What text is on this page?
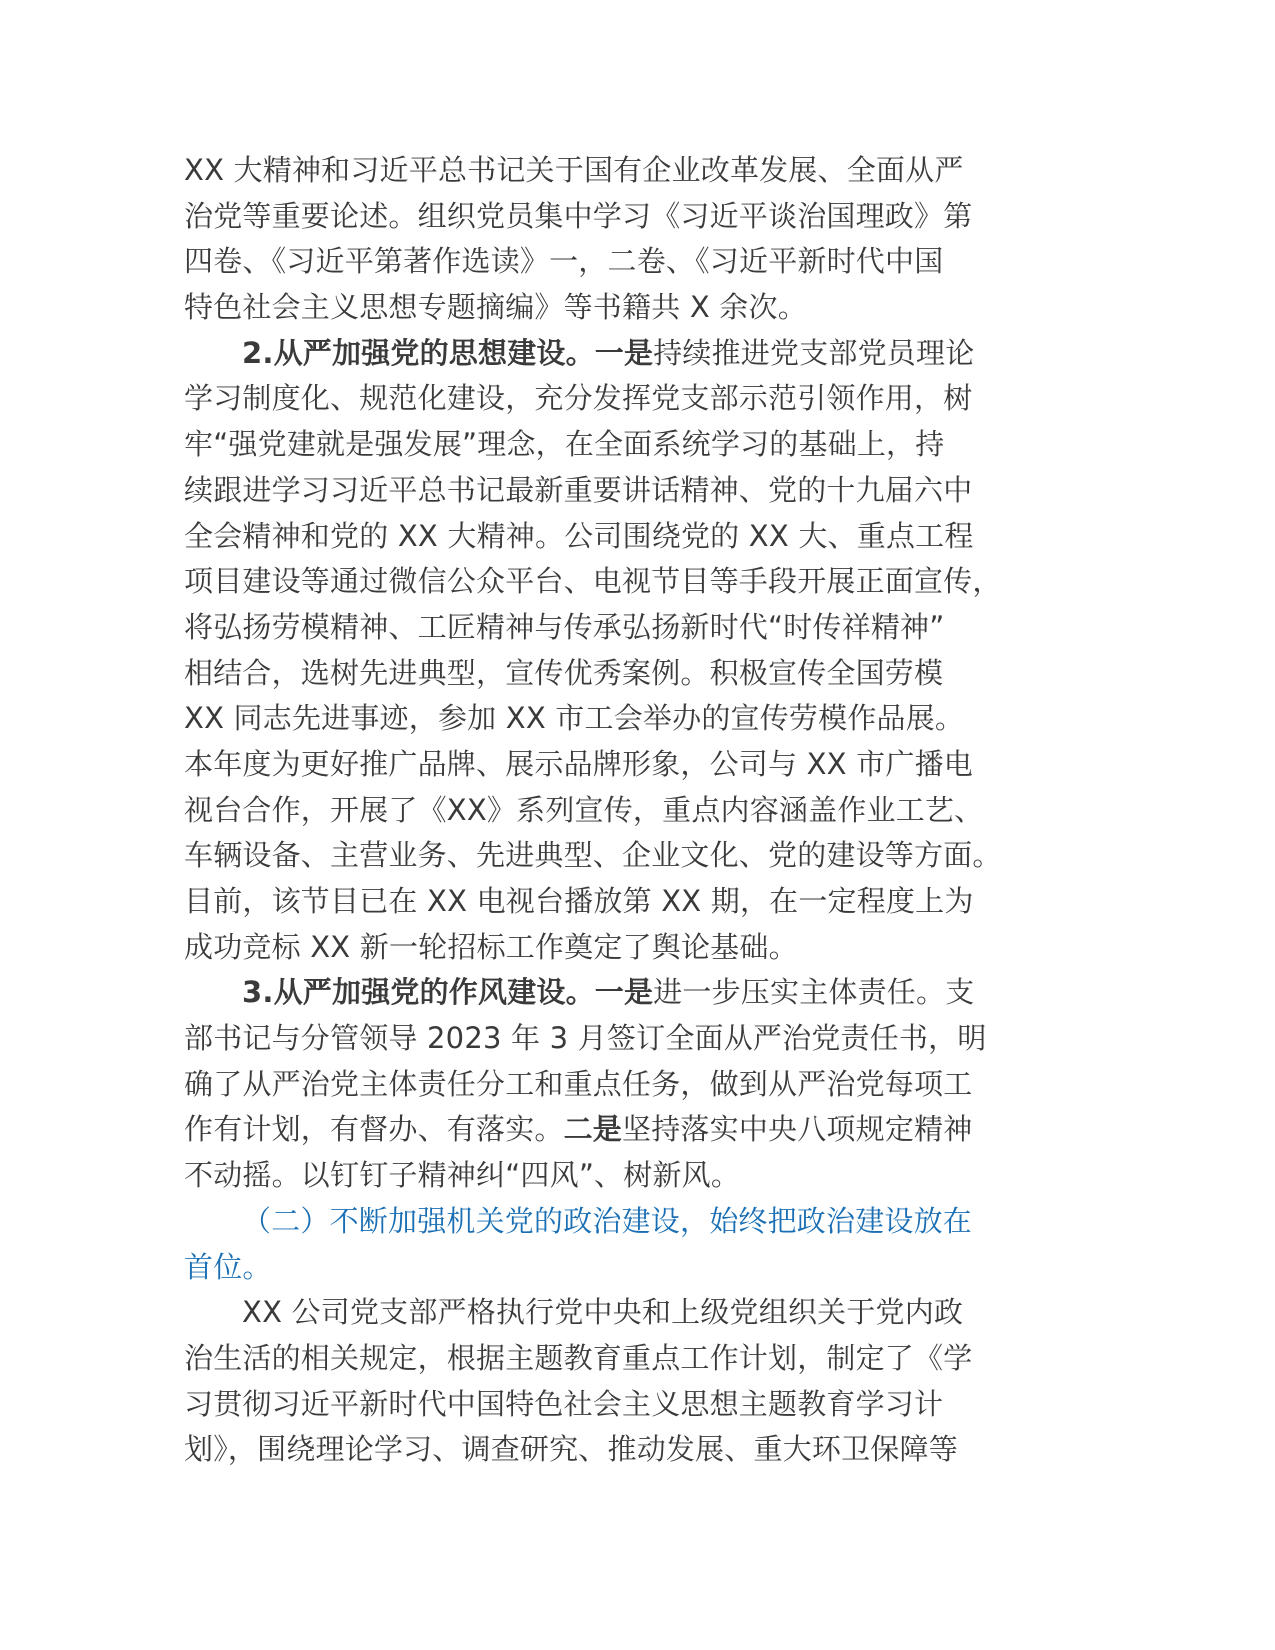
XX 大精神和习近平总书记关于国有企业改革发展、全面从严
治党等重要论述。组织党员集中学习《习近平谈治国理政》第
四卷、《习近平第著作选读》一，二卷、《习近平新时代中国
特色社会主义思想专题摘编》等书籍共 X 余次。
2.从严加强党的思想建设。一是持续推进党支部党员理论
学习制度化、规范化建设，充分发挥党支部示范引领作用，树
牢“强党建就是强发展”理念，在全面系统学习的基础上，持
续跟进学习习近平总书记最新重要讲话精神、党的十九届六中
全会精神和党的 XX 大精神。公司围绕党的 XX 大、重点工程
项目建设等通过微信公众平台、电视节目等手段开展正面宣传，
将弘扬劳模精神、工匠精神与传承弘扬新时代“时传祥精神”
相结合，选树先进典型，宣传优秀案例。积极宣传全国劳模
XX 同志先进事迹，参加 XX 市工会举办的宣传劳模作品展。
本年度为更好推广品牌、展示品牌形象，公司与 XX 市广播电
视台合作，开展了《XX》系列宣传，重点内容涵盖作业工艺、
车辆设备、主营业务、先进典型、企业文化、党的建设等方面。
目前，该节目已在 XX 电视台播放第 XX 期，在一定程度上为
成功竞标 XX 新一轮招标工作奠定了舆论基础。
3.从严加强党的作风建设。一是进一步压实主体责任。支
部书记与分管领导 2023 年 3 月签订全面从严治党责任书，明
确了从严治党主体责任分工和重点任务，做到从严治党每项工
作有计划，有督办、有落实。二是坚持落实中央八项规定精神
不动摇。以钉钉子精神纠“四风”、树新风。
（二）不断加强机关党的政治建设，始终把政治建设放在
首位。
XX 公司党支部严格执行党中央和上级党组织关于党内政
治生活的相关规定，根据主题教育重点工作计划，制定了《学
习贯彻习近平新时代中国特色社会主义思想主题教育学习计
划》，围绕理论学习、调查研究、推动发展、重大环卫保障等
